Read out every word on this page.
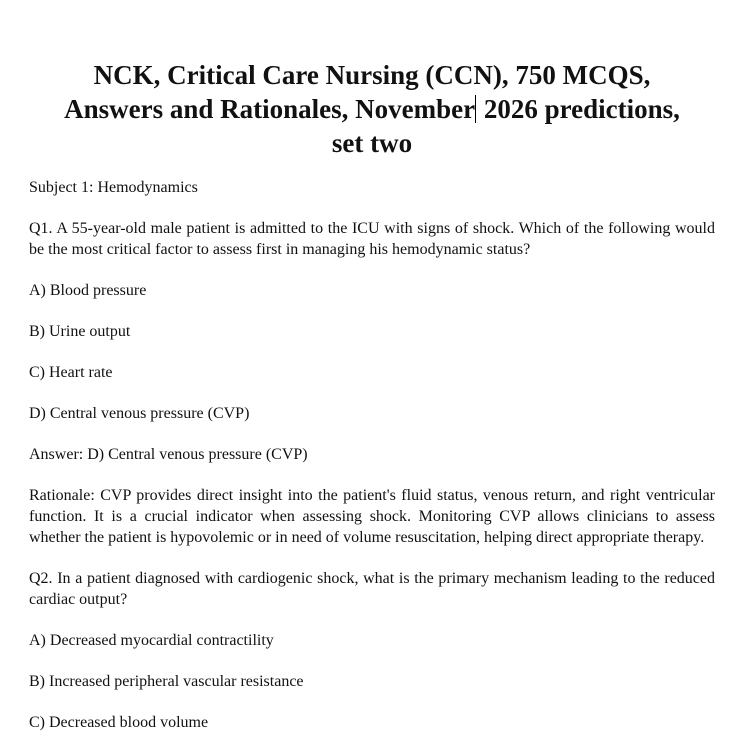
NCK, Critical Care Nursing (CCN), 750 MCQS,
Answers and Rationales, November 2026 predictions,
set two
Subject 1: Hemodynamics
Q1. A 55-year-old male patient is admitted to the ICU with signs of shock. Which of the following would be the most critical factor to assess first in managing his hemodynamic status?
A) Blood pressure
B) Urine output
C) Heart rate
D) Central venous pressure (CVP)
Answer: D) Central venous pressure (CVP)
Rationale: CVP provides direct insight into the patient's fluid status, venous return, and right ventricular function. It is a crucial indicator when assessing shock. Monitoring CVP allows clinicians to assess whether the patient is hypovolemic or in need of volume resuscitation, helping direct appropriate therapy.
Q2. In a patient diagnosed with cardiogenic shock, what is the primary mechanism leading to the reduced cardiac output?
A) Decreased myocardial contractility
B) Increased peripheral vascular resistance
C) Decreased blood volume
